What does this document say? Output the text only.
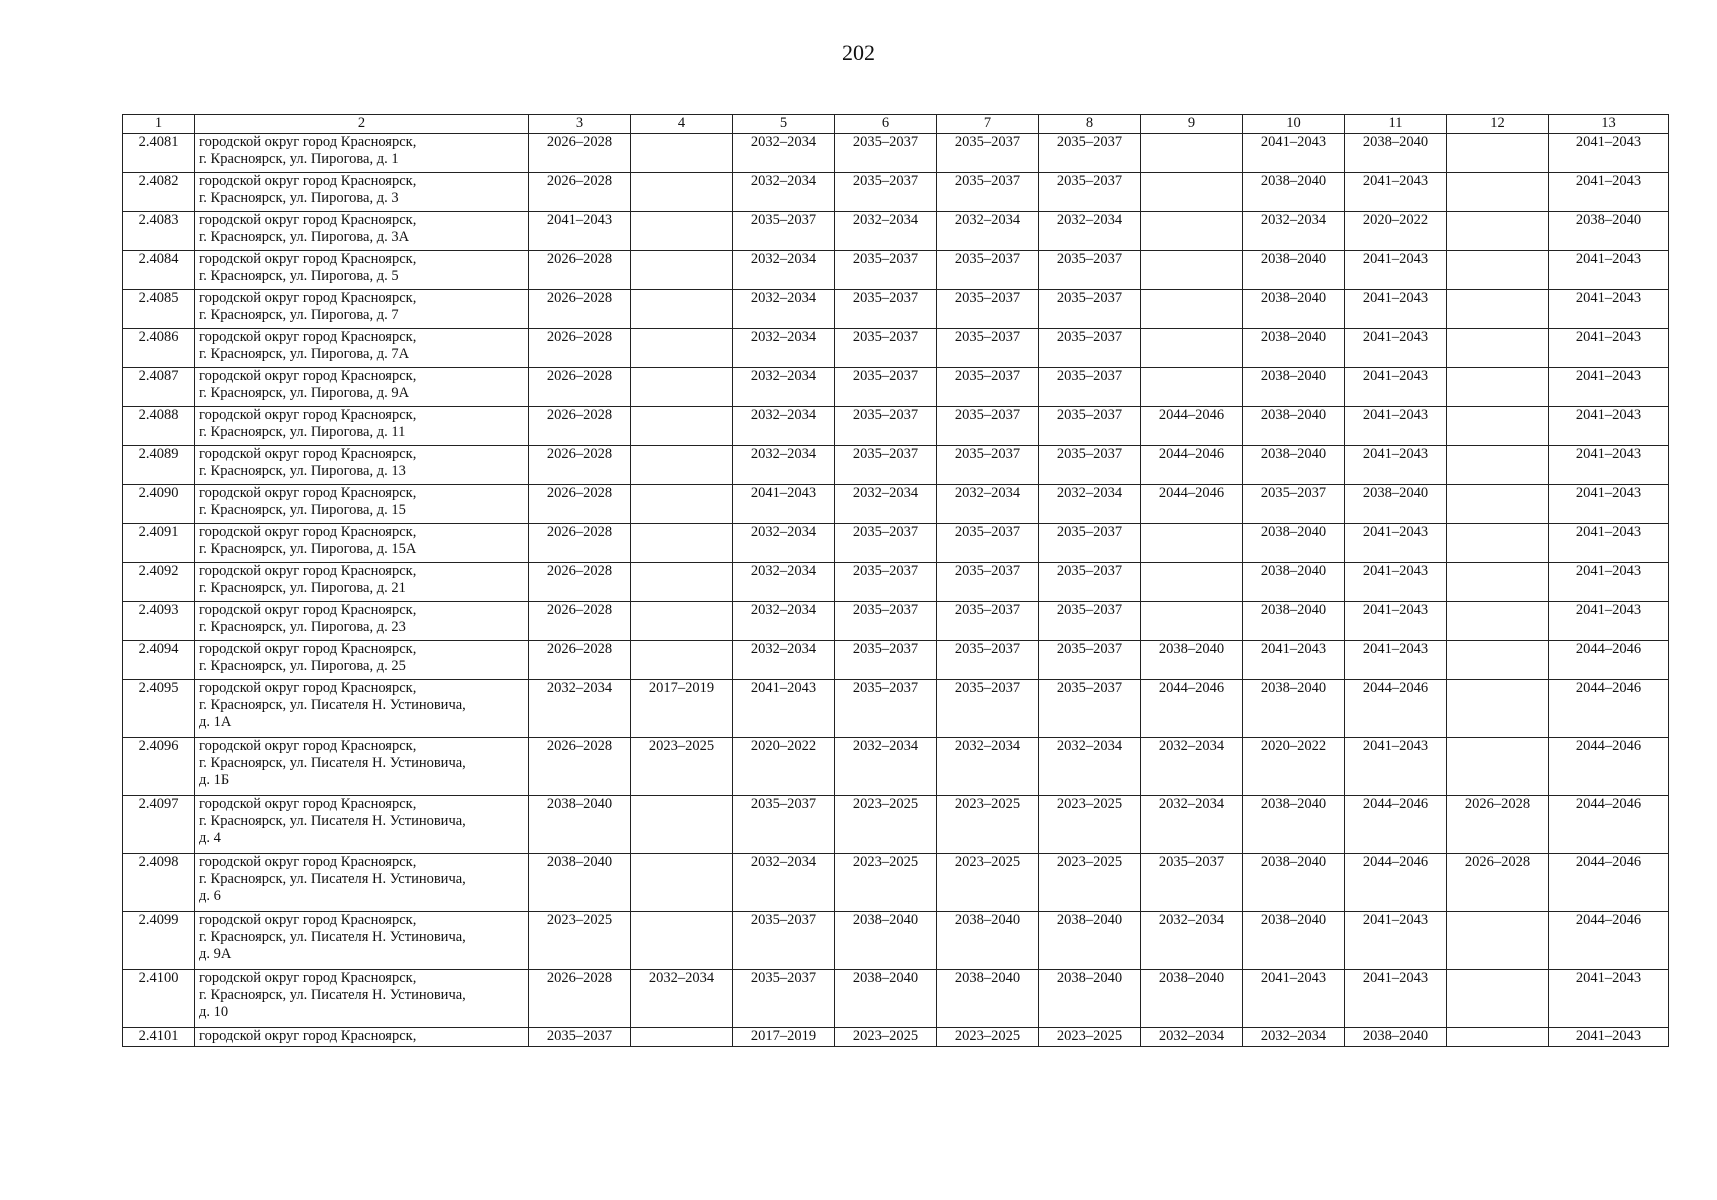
202
1	2	3	4	5	6	7	8	9	10	11	12	13
2.4081	городской округ город Красноярск,
г. Красноярск, ул. Пирогова, д. 1	2026–2028		2032–2034	2035–2037	2035–2037	2035–2037		2041–2043	2038–2040		2041–2043
2.4082	городской округ город Красноярск,
г. Красноярск, ул. Пирогова, д. 3	2026–2028		2032–2034	2035–2037	2035–2037	2035–2037		2038–2040	2041–2043		2041–2043
2.4083	городской округ город Красноярск,
г. Красноярск, ул. Пирогова, д. 3А	2041–2043		2035–2037	2032–2034	2032–2034	2032–2034		2032–2034	2020–2022		2038–2040
2.4084	городской округ город Красноярск,
г. Красноярск, ул. Пирогова, д. 5	2026–2028		2032–2034	2035–2037	2035–2037	2035–2037		2038–2040	2041–2043		2041–2043
2.4085	городской округ город Красноярск,
г. Красноярск, ул. Пирогова, д. 7	2026–2028		2032–2034	2035–2037	2035–2037	2035–2037		2038–2040	2041–2043		2041–2043
2.4086	городской округ город Красноярск,
г. Красноярск, ул. Пирогова, д. 7А	2026–2028		2032–2034	2035–2037	2035–2037	2035–2037		2038–2040	2041–2043		2041–2043
2.4087	городской округ город Красноярск,
г. Красноярск, ул. Пирогова, д. 9А	2026–2028		2032–2034	2035–2037	2035–2037	2035–2037		2038–2040	2041–2043		2041–2043
2.4088	городской округ город Красноярск,
г. Красноярск, ул. Пирогова, д. 11	2026–2028		2032–2034	2035–2037	2035–2037	2035–2037	2044–2046	2038–2040	2041–2043		2041–2043
2.4089	городской округ город Красноярск,
г. Красноярск, ул. Пирогова, д. 13	2026–2028		2032–2034	2035–2037	2035–2037	2035–2037	2044–2046	2038–2040	2041–2043		2041–2043
2.4090	городской округ город Красноярск,
г. Красноярск, ул. Пирогова, д. 15	2026–2028		2041–2043	2032–2034	2032–2034	2032–2034	2044–2046	2035–2037	2038–2040		2041–2043
2.4091	городской округ город Красноярск,
г. Красноярск, ул. Пирогова, д. 15А	2026–2028		2032–2034	2035–2037	2035–2037	2035–2037		2038–2040	2041–2043		2041–2043
2.4092	городской округ город Красноярск,
г. Красноярск, ул. Пирогова, д. 21	2026–2028		2032–2034	2035–2037	2035–2037	2035–2037		2038–2040	2041–2043		2041–2043
2.4093	городской округ город Красноярск,
г. Красноярск, ул. Пирогова, д. 23	2026–2028		2032–2034	2035–2037	2035–2037	2035–2037		2038–2040	2041–2043		2041–2043
2.4094	городской округ город Красноярск,
г. Красноярск, ул. Пирогова, д. 25	2026–2028		2032–2034	2035–2037	2035–2037	2035–2037	2038–2040	2041–2043	2041–2043		2044–2046
2.4095	городской округ город Красноярск,
г. Красноярск, ул. Писателя Н. Устиновича,
д. 1А	2032–2034	2017–2019	2041–2043	2035–2037	2035–2037	2035–2037	2044–2046	2038–2040	2044–2046		2044–2046
2.4096	городской округ город Красноярск,
г. Красноярск, ул. Писателя Н. Устиновича,
д. 1Б	2026–2028	2023–2025	2020–2022	2032–2034	2032–2034	2032–2034	2032–2034	2020–2022	2041–2043		2044–2046
2.4097	городской округ город Красноярск,
г. Красноярск, ул. Писателя Н. Устиновича,
д. 4	2038–2040		2035–2037	2023–2025	2023–2025	2023–2025	2032–2034	2038–2040	2044–2046	2026–2028	2044–2046
2.4098	городской округ город Красноярск,
г. Красноярск, ул. Писателя Н. Устиновича,
д. 6	2038–2040		2032–2034	2023–2025	2023–2025	2023–2025	2035–2037	2038–2040	2044–2046	2026–2028	2044–2046
2.4099	городской округ город Красноярск,
г. Красноярск, ул. Писателя Н. Устиновича,
д. 9А	2023–2025		2035–2037	2038–2040	2038–2040	2038–2040	2032–2034	2038–2040	2041–2043		2044–2046
2.4100	городской округ город Красноярск,
г. Красноярск, ул. Писателя Н. Устиновича,
д. 10	2026–2028	2032–2034	2035–2037	2038–2040	2038–2040	2038–2040	2038–2040	2041–2043	2041–2043		2041–2043
2.4101	городской округ город Красноярск,	2035–2037		2017–2019	2023–2025	2023–2025	2023–2025	2032–2034	2032–2034	2038–2040		2041–2043
